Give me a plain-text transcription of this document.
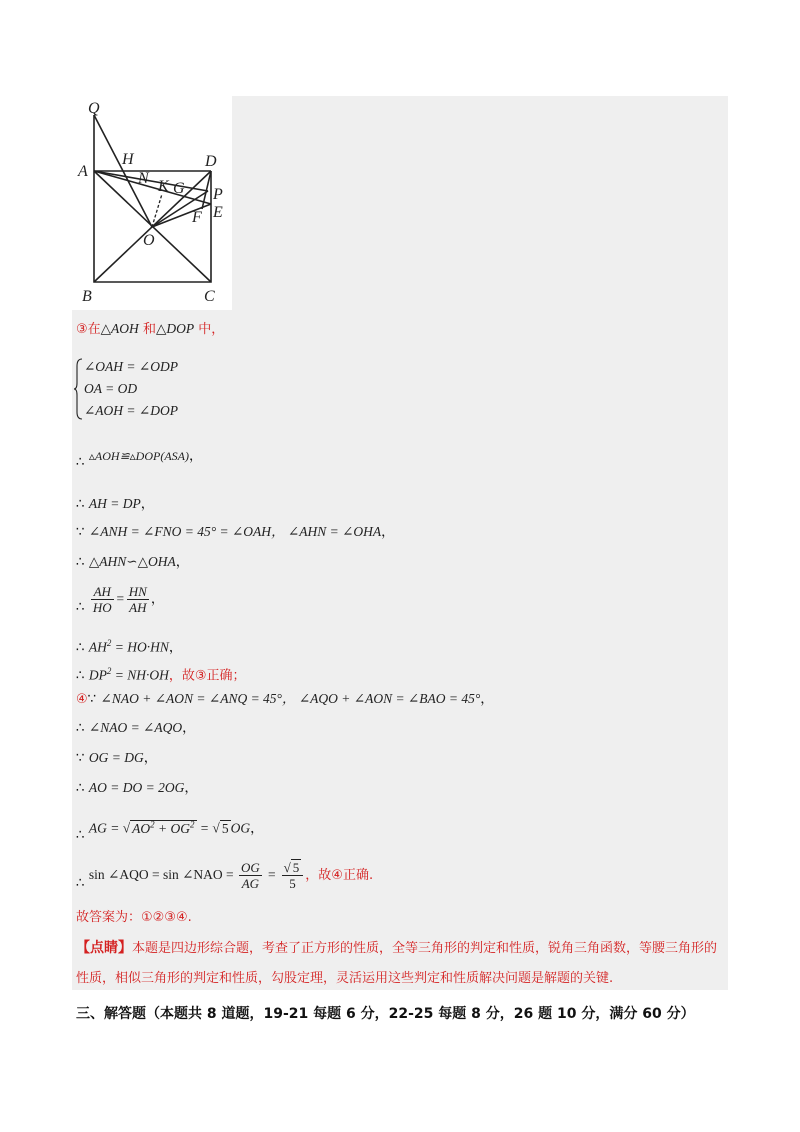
Q
H	D
A	N K G P
E
F
O
B	C
③在△AOH 和△DOP 中，
∠OAH = ∠ODP
OA = OD
∠AOH = ∠DOP
∴ ▵AOH≌▵DOP(ASA)，
∴ AH = DP，
∵ ∠ANH = ∠FNO = 45° = ∠OAH， ∠AHN = ∠OHA，
∴ △AHN∽△OHA，
∴ $\frac{AH}{HO} = \frac{HN}{AH}$ ，
∴ $AH^2 = HO\cdot HN$，
∴ $DP^2 = NH\cdot OH$，故③正确；
④∵ ∠NAO + ∠AON = ∠ANQ = 45°， ∠AQO + ∠AON = ∠BAO = 45°，
∴ ∠NAO = ∠AQO，
∵ OG = DG，
∴ AO = DO = 2OG，
∴ AG = √ $AO^2 + OG^2$ = √ 5 OG，
∴ sin ∠AQO = sin ∠NAO = $\frac{OG}{AG} = \frac{√ 5}{5}$ ，故④正确.
故答案为：①②③④.
【点睛】本题是四边形综合题，考查了正方形的性质，全等三角形的判定和性质，锐角三角函数，等腰三角形的性质，相似三角形的判定和性质，勾股定理，灵活运用这些判定和性质解决问题是解题的关键.
三、解答题（本题共 8 道题，19-21 每题 6 分，22-25 每题 8 分，26 题 10 分，满分 60 分）
